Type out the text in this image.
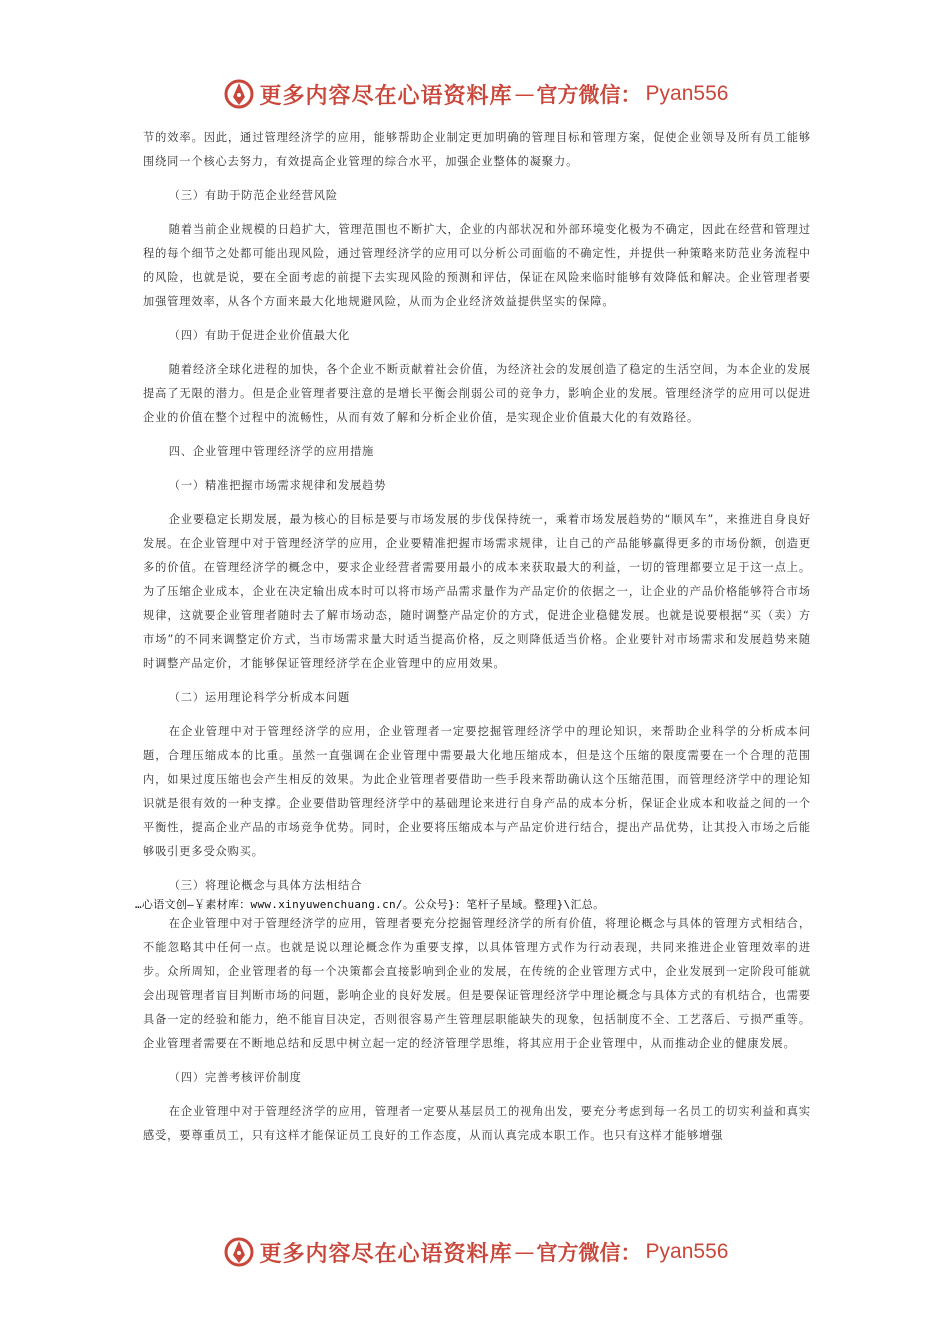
更多内容尽在心语资料库 — 官方微信： Pyan556

节的效率。因此，通过管理经济学的应用，能够帮助企业制定更加明确的管理目标和管理方案，促使企业领导及所有员工能够围绕同一个核心去努力，有效提高企业管理的综合水平，加强企业整体的凝聚力。

（三）有助于防范企业经营风险

随着当前企业规模的日趋扩大，管理范围也不断扩大，企业的内部状况和外部环境变化极为不确定，因此在经营和管理过程的每个细节之处都可能出现风险，通过管理经济学的应用可以分析公司面临的不确定性，并提供一种策略来防范业务流程中的风险，也就是说，要在全面考虑的前提下去实现风险的预测和评估，保证在风险来临时能够有效降低和解决。企业管理者要加强管理效率，从各个方面来最大化地规避风险，从而为企业经济效益提供坚实的保障。

（四）有助于促进企业价值最大化

随着经济全球化进程的加快，各个企业不断贡献着社会价值，为经济社会的发展创造了稳定的生活空间，为本企业的发展提高了无限的潜力。但是企业管理者要注意的是增长平衡会削弱公司的竞争力，影响企业的发展。管理经济学的应用可以促进企业的价值在整个过程中的流畅性，从而有效了解和分析企业价值，是实现企业价值最大化的有效路径。

四、企业管理中管理经济学的应用措施

（一）精准把握市场需求规律和发展趋势

企业要稳定长期发展，最为核心的目标是要与市场发展的步伐保持统一，乘着市场发展趋势的“顺风车”，来推进自身良好发展。在企业管理中对于管理经济学的应用，企业要精准把握市场需求规律，让自己的产品能够赢得更多的市场份额，创造更多的价值。在管理经济学的概念中，要求企业经营者需要用最小的成本来获取最大的利益，一切的管理都要立足于这一点上。为了压缩企业成本，企业在决定输出成本时可以将市场产品需求量作为产品定价的依据之一，让企业的产品价格能够符合市场规律，这就要企业管理者随时去了解市场动态，随时调整产品定价的方式，促进企业稳健发展。也就是说要根据“买（卖）方市场”的不同来调整定价方式，当市场需求量大时适当提高价格，反之则降低适当价格。企业要针对市场需求和发展趋势来随时调整产品定价，才能够保证管理经济学在企业管理中的应用效果。

（二）运用理论科学分析成本问题

在企业管理中对于管理经济学的应用，企业管理者一定要挖掘管理经济学中的理论知识，来帮助企业科学的分析成本问题，合理压缩成本的比重。虽然一直强调在企业管理中需要最大化地压缩成本，但是这个压缩的限度需要在一个合理的范围内，如果过度压缩也会产生相反的效果。为此企业管理者要借助一些手段来帮助确认这个压缩范围，而管理经济学中的理论知识就是很有效的一种支撑。企业要借助管理经济学中的基础理论来进行自身产品的成本分析，保证企业成本和收益之间的一个平衡性，提高企业产品的市场竞争优势。同时，企业要将压缩成本与产品定价进行结合，提出产品优势，让其投入市场之后能够吸引更多受众购买。

（三）将理论概念与具体方法相结合

…心语文创—￥素材库：www.xinyuwenchuang.cn/。公众号}：笔杆子星域。整理}\汇总。

在企业管理中对于管理经济学的应用，管理者要充分挖掘管理经济学的所有价值，将理论概念与具体的管理方式相结合，不能忽略其中任何一点。也就是说以理论概念作为重要支撑，以具体管理方式作为行动表现，共同来推进企业管理效率的进步。众所周知，企业管理者的每一个决策都会直接影响到企业的发展，在传统的企业管理方式中，企业发展到一定阶段可能就会出现管理者盲目判断市场的问题，影响企业的良好发展。但是要保证管理经济学中理论概念与具体方式的有机结合，也需要具备一定的经验和能力，绝不能盲目决定，否则很容易产生管理层职能缺失的现象，包括制度不全、工艺落后、亏损严重等。企业管理者需要在不断地总结和反思中树立起一定的经济管理学思维，将其应用于企业管理中，从而推动企业的健康发展。

（四）完善考核评价制度

在企业管理中对于管理经济学的应用，管理者一定要从基层员工的视角出发，要充分考虑到每一名员工的切实利益和真实感受，要尊重员工，只有这样才能保证员工良好的工作态度，从而认真完成本职工作。也只有这样才能够增强

更多内容尽在心语资料库 — 官方微信： Pyan556
